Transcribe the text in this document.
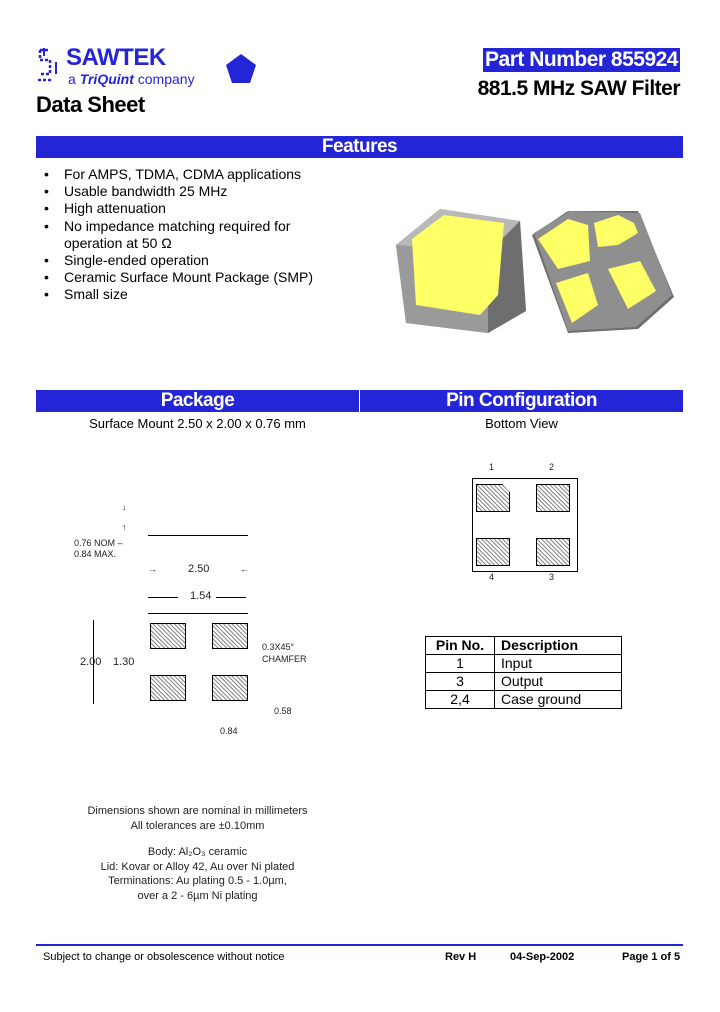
SAWTEK
a TriQuint company
Data Sheet
Part Number 855924
881.5 MHz SAW Filter
Features
• For AMPS, TDMA, CDMA applications
• Usable bandwidth 25 MHz
• High attenuation
• No impedance matching required for operation at 50 Ω
• Single-ended operation
• Ceramic Surface Mount Package (SMP)
• Small size
Package	Pin Configuration
Surface Mount 2.50 x 2.00 x 0.76 mm	Bottom View
0.76 NOM –
0.84 MAX.
↓
↑
2.50
→	←
1.54
2.00 1.30
0.3X45°
CHAMFER
0.58
0.84
Dimensions shown are nominal in millimeters
All tolerances are ±0.10mm
Body: Al₂O₃ ceramic
Lid: Kovar or Alloy 42, Au over Ni plated
Terminations: Au plating 0.5 - 1.0µm,
over a 2 - 6µm Ni plating
1	2
4	3
Pin No.	Description
1	Input
3	Output
2,4	Case ground
Subject to change or obsolescence without notice	Rev H	04-Sep-2002	Page 1 of 5
